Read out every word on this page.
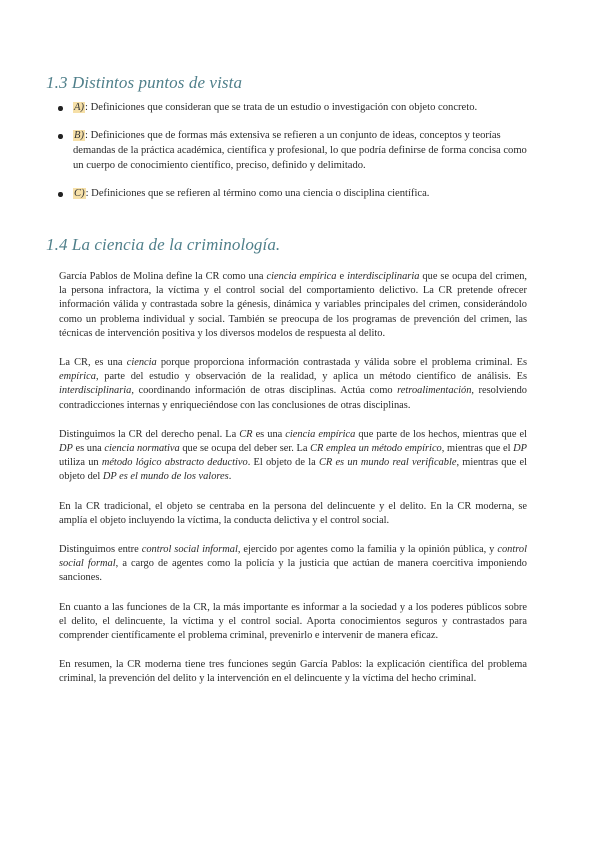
1.3 Distintos puntos de vista
A): Definiciones que consideran que se trata de un estudio o investigación con objeto concreto.
B): Definiciones que de formas más extensiva se refieren a un conjunto de ideas, conceptos y teorías demandas de la práctica académica, científica y profesional, lo que podría definirse de forma concisa como un cuerpo de conocimiento científico, preciso, definido y delimitado.
C): Definiciones que se refieren al término como una ciencia o disciplina científica.
1.4 La ciencia de la criminología.

García Pablos de Molina define la CR como una ciencia empírica e interdisciplinaria que se ocupa del crimen, la persona infractora, la víctima y el control social del comportamiento delictivo. La CR pretende ofrecer información válida y contrastada sobre la génesis, dinámica y variables principales del crimen, considerándolo como un problema individual y social. También se preocupa de los programas de prevención del crimen, las técnicas de intervención positiva y los diversos modelos de respuesta al delito.

La CR, es una ciencia porque proporciona información contrastada y válida sobre el problema criminal. Es empírica, parte del estudio y observación de la realidad, y aplica un método científico de análisis. Es interdisciplinaria, coordinando información de otras disciplinas. Actúa como retroalimentación, resolviendo contradicciones internas y enriqueciéndose con las conclusiones de otras disciplinas.

Distinguimos la CR del derecho penal. La CR es una ciencia empírica que parte de los hechos, mientras que el DP es una ciencia normativa que se ocupa del deber ser. La CR emplea un método empírico, mientras que el DP utiliza un método lógico abstracto deductivo. El objeto de la CR es un mundo real verificable, mientras que el objeto del DP es el mundo de los valores.

En la CR tradicional, el objeto se centraba en la persona del delincuente y el delito. En la CR moderna, se amplía el objeto incluyendo la víctima, la conducta delictiva y el control social.

Distinguimos entre control social informal, ejercido por agentes como la familia y la opinión pública, y control social formal, a cargo de agentes como la policía y la justicia que actúan de manera coercitiva imponiendo sanciones.

En cuanto a las funciones de la CR, la más importante es informar a la sociedad y a los poderes públicos sobre el delito, el delincuente, la víctima y el control social. Aporta conocimientos seguros y contrastados para comprender científicamente el problema criminal, prevenirlo e intervenir de manera eficaz.

En resumen, la CR moderna tiene tres funciones según García Pablos: la explicación científica del problema criminal, la prevención del delito y la intervención en el delincuente y la víctima del hecho criminal.
